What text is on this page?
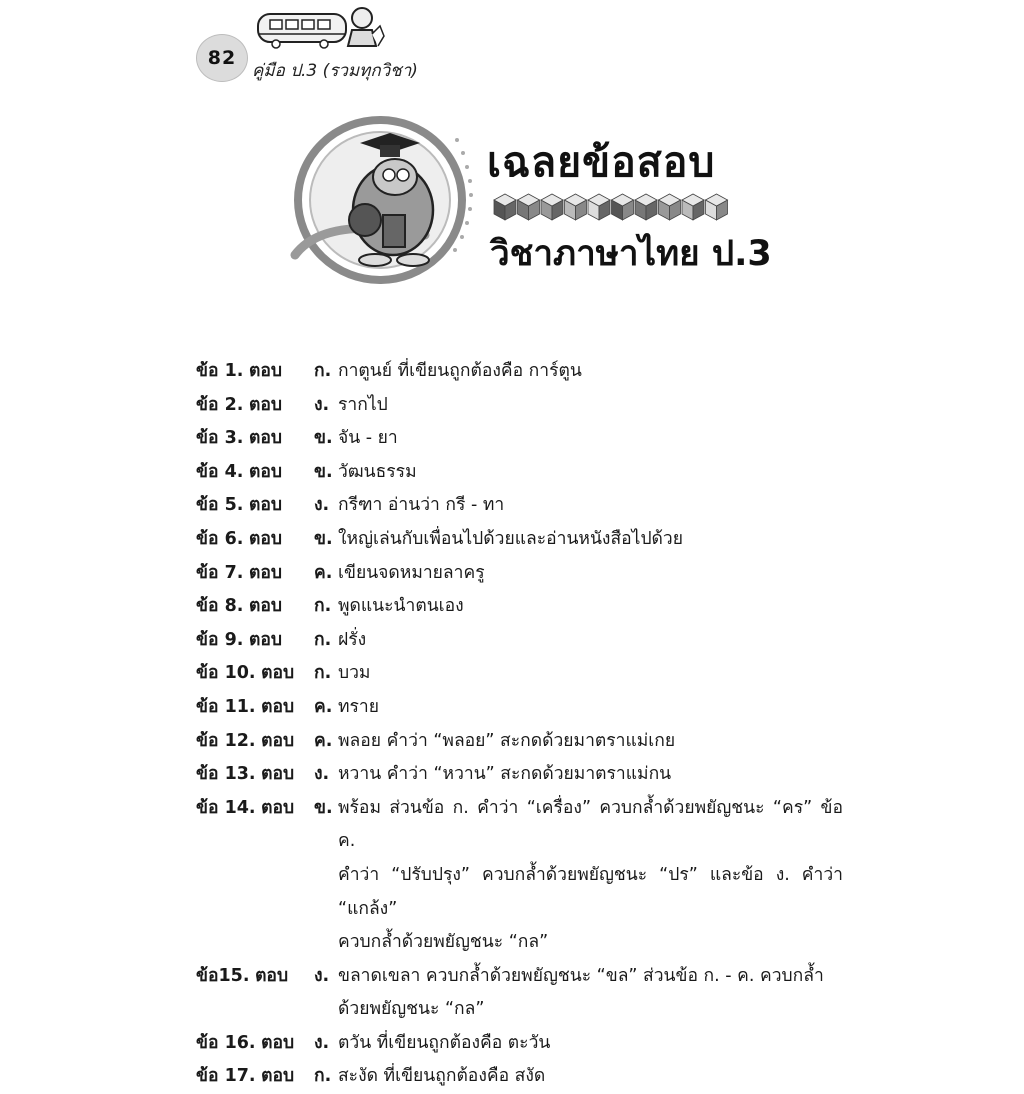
82
คู่มือ ป.3 (รวมทุกวิชา)
เฉลยข้อสอบ
วิชาภาษาไทย ป.3
ข้อ 1. ตอบ	ก. กาตูนย์ ที่เขียนถูกต้องคือ การ์ตูน
ข้อ 2. ตอบ	ง. รากไป
ข้อ 3. ตอบ	ข. จัน - ยา
ข้อ 4. ตอบ	ข. วัฒนธรรม
ข้อ 5. ตอบ	ง. กรีฑา อ่านว่า กรี - ทา
ข้อ 6. ตอบ	ข. ใหญ่เล่นกับเพื่อนไปด้วยและอ่านหนังสือไปด้วย
ข้อ 7. ตอบ	ค. เขียนจดหมายลาครู
ข้อ 8. ตอบ	ก. พูดแนะนำตนเอง
ข้อ 9. ตอบ	ก. ฝรั่ง
ข้อ 10. ตอบ	ก. บวม
ข้อ 11. ตอบ	ค. ทราย
ข้อ 12. ตอบ	ค. พลอย คำว่า “พลอย” สะกดด้วยมาตราแม่เกย
ข้อ 13. ตอบ	ง. หวาน คำว่า “หวาน” สะกดด้วยมาตราแม่กน
ข้อ 14. ตอบ	ข. พร้อม ส่วนข้อ ก. คำว่า “เครื่อง” ควบกล้ำด้วยพยัญชนะ “คร” ข้อ ค.
คำว่า “ปรับปรุง” ควบกล้ำด้วยพยัญชนะ “ปร” และข้อ ง. คำว่า “แกล้ง”
ควบกล้ำด้วยพยัญชนะ “กล”
ข้อ15. ตอบ	ง. ขลาดเขลา ควบกล้ำด้วยพยัญชนะ “ขล” ส่วนข้อ ก. - ค. ควบกล้ำ
ด้วยพยัญชนะ “กล”
ข้อ 16. ตอบ	ง. ตวัน ที่เขียนถูกต้องคือ ตะวัน
ข้อ 17. ตอบ	ก. สะงัด ที่เขียนถูกต้องคือ สงัด
